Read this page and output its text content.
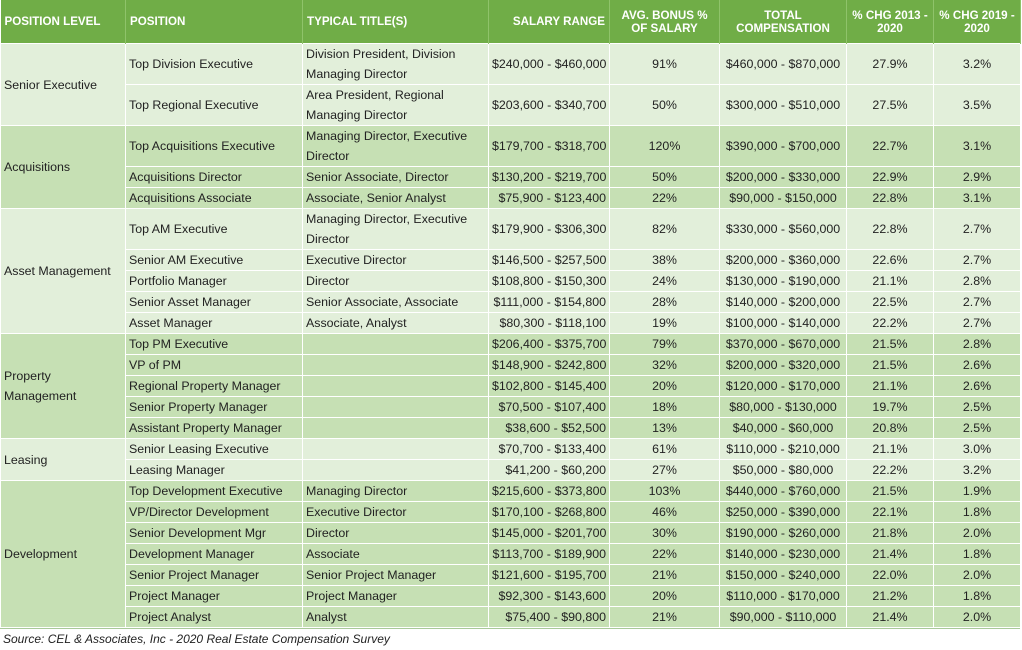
POSITION LEVEL	POSITION	TYPICAL TITLE(S)	SALARY RANGE	AVG. BONUS % OF SALARY	TOTAL COMPENSATION	% CHG 2013 - 2020	% CHG 2019 - 2020
Senior Executive	Top Division Executive	Division President, Division Managing Director	$240,000 - $460,000	91%	$460,000 - $870,000	27.9%	3.2%
	Top Regional Executive	Area President, Regional Managing Director	$203,600 - $340,700	50%	$300,000 - $510,000	27.5%	3.5%
Acquisitions	Top Acquisitions Executive	Managing Director, Executive Director	$179,700 - $318,700	120%	$390,000 - $700,000	22.7%	3.1%
	Acquisitions Director	Senior Associate, Director	$130,200 - $219,700	50%	$200,000 - $330,000	22.9%	2.9%
	Acquisitions Associate	Associate, Senior Analyst	$75,900 - $123,400	22%	$90,000 - $150,000	22.8%	3.1%
Asset Management	Top AM Executive	Managing Director, Executive Director	$179,900 - $306,300	82%	$330,000 - $560,000	22.8%	2.7%
	Senior AM Executive	Executive Director	$146,500 - $257,500	38%	$200,000 - $360,000	22.6%	2.7%
	Portfolio Manager	Director	$108,800 - $150,300	24%	$130,000 - $190,000	21.1%	2.8%
	Senior Asset Manager	Senior Associate, Associate	$111,000 - $154,800	28%	$140,000 - $200,000	22.5%	2.7%
	Asset Manager	Associate, Analyst	$80,300 - $118,100	19%	$100,000 - $140,000	22.2%	2.7%
Property Management	Top PM Executive		$206,400 - $375,700	79%	$370,000 - $670,000	21.5%	2.8%
	VP of PM		$148,900 - $242,800	32%	$200,000 - $320,000	21.5%	2.6%
	Regional Property Manager		$102,800 - $145,400	20%	$120,000 - $170,000	21.1%	2.6%
	Senior Property Manager		$70,500 - $107,400	18%	$80,000 - $130,000	19.7%	2.5%
	Assistant Property Manager		$38,600 - $52,500	13%	$40,000 - $60,000	20.8%	2.5%
Leasing	Senior Leasing Executive		$70,700 - $133,400	61%	$110,000 - $210,000	21.1%	3.0%
	Leasing Manager		$41,200 - $60,200	27%	$50,000 - $80,000	22.2%	3.2%
Development	Top Development Executive	Managing Director	$215,600 - $373,800	103%	$440,000 - $760,000	21.5%	1.9%
	VP/Director Development	Executive Director	$170,100 - $268,800	46%	$250,000 - $390,000	22.1%	1.8%
	Senior Development Mgr	Director	$145,000 - $201,700	30%	$190,000 - $260,000	21.8%	2.0%
	Development Manager	Associate	$113,700 - $189,900	22%	$140,000 - $230,000	21.4%	1.8%
	Senior Project Manager	Senior Project Manager	$121,600 - $195,700	21%	$150,000 - $240,000	22.0%	2.0%
	Project Manager	Project Manager	$92,300 - $143,600	20%	$110,000 - $170,000	21.2%	1.8%
	Project Analyst	Analyst	$75,400 - $90,800	21%	$90,000 - $110,000	21.4%	2.0%
Source: CEL & Associates, Inc - 2020 Real Estate Compensation Survey
